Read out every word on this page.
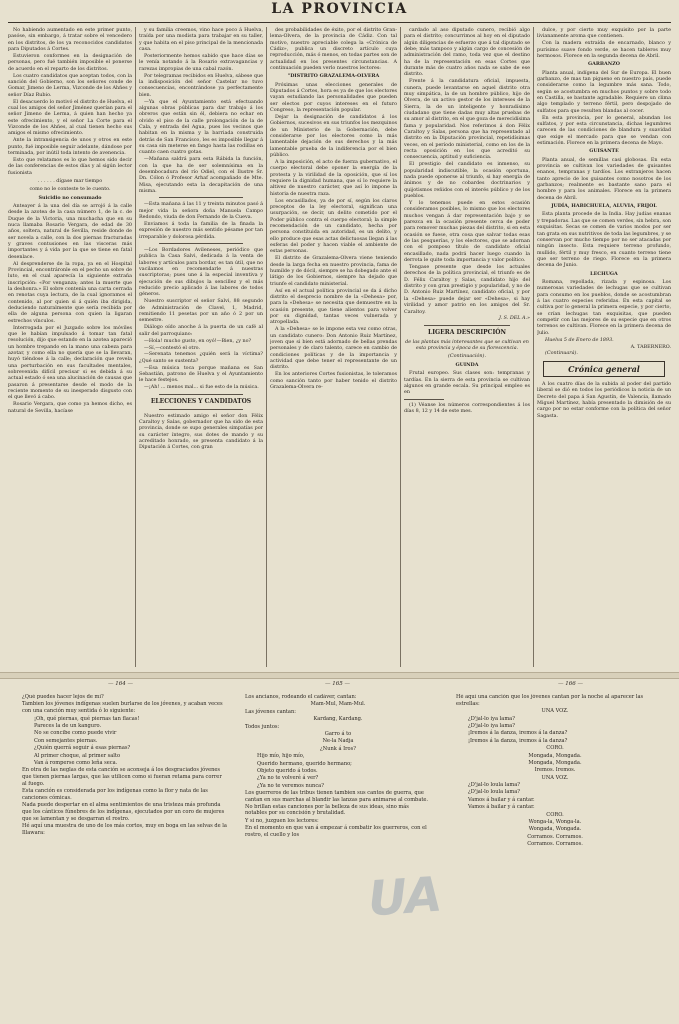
LA PROVINCIA

No habiendo aumentado en este primer punto, pasóse, sin embargo, á tratar sobre el vencedero en los distritos, de los ya reconocidos candidatos para Diputados á Cortes.

Estuvieron conformes en la designación de personas, pero fué también imposible el ponerse de acuerdo en el reparto de los distritos.

Los cuatro candidatos que aceptan todos, con la sanción del Gobierno, son los señores conde de Gomar, Jimeno de Lerma, Vizconde de los Ahñes y señor Díaz Rubio.

El desacuerdo lo motivó el distrito de Huelva, el cual los amigos del señor Jiménez querían para el señor Jimeno de Lerma, á quien han hecho ya este ofrecimiento, y el señor La Corte para el Vizconde de los Ahñes, al cual tienen hecho sus amigos el mismo ofrecimiento.

Ante la intransigencia de unos y otros en este punto, fué imposible seguir adelante, dándose por terminada, por inútil toda intento de avenencia.

Esto que relatamos es lo que hemos sido decir de las conferencias de estos días y al sigún lector fusionista

. . . . . . dígase mar tiempo

como no le conteste te le cuento.

Suicidio no consumado

Anteayer á la una del día se arrojó á la calle desde la azotea de la casa número 1, de la c. de Duque de la Victoria, una muchacha que en su nuca llamaba Rosario Vergara, de edad de 30 años, soltera, natural de Sevilla, reside donde de ser novela a calle, con la dos piernas fracturadas y graves contusiones en las visceras más importantes y á vida por la que se tiene en fatal desenlace.

Al desprenderse de la ropa, ya en el Hospital Provincial, encontráronle en el pecho un sobre de luto, en el cual aparecía la siguiente extraña inscripción: «Por venganza; antes la muerte que la deshonra.» El sobre contenía una carta cerrada en renotas cuya lectura, de la cual ignoramos el contenido, al por quien si á quién iba dirigida, deduciendo naturalmente que sería recibida por ella de alguna persona con quien la ligaran estrechos vínculos.

Interrogada por el Juzgado sobre los móviles que le habían impulsado á tomar tan fatal resolución, dijo que estando en la azotea apareció un hombre trepando en la mano una cabeza para azotar, y como ella no quería que se la llevaran, huyó tiéndose á la calle; declaración que revela una perturbación en sus facultades mentales, sobrevenida difícil precisar si es debida á su actual estado ó sea una alucinación de causas que pasaron á presentarse desde el modo de la reciente momento de su inesperado disgusto con el que llevó á cabo.

Rosario Vergara, que como ya hemos dicho, es natural de Sevilla, hacíase

y su familia creemos, vino hace poco á Huelva, traída por una modista para trabajar en su taller, y que habita en el piso principal de la mencionada casa.

Posteriormente hemos sabido que hace días se le venía notando á la Rosario extravagancias y rarezas impropias de una cabal razón.

Por telegramas recibidos en Huelva, sábese que la indisposición del señor Castelar no tuvo consecuencias, encontrándose ya perfectamente bien.

—Ya que el Ayuntamiento está efectuando algunas obras públicas para dar trabajo á los obreros que están sin él, debiera no echar en olvido el piso de la calle prolongación de la de Cala, y entrada del Agua, pues los vecinos que habitan en la misma y la barriada construida detrás de San Francisco, les es imposible llegar á su casa sin meterse en fango hasta las rodillas en cuanto caen cuatro gotas.

—Mañana saldrá para esta Rábida la función, con la que ha de ser solemnísima en la desembocadura del río Odiel, con el Ilustre Sr. Dn. Cólon ó Profesor Arhaf acompañado de Mte. Misa, ejecutando esta la decapitación de una misma.

—Esta mañana á las 11 y treinta minutos pasó á mejor vida la señora doña Manuela Campo Redondo, viuda de don Fernando de la Cueva.

Enviamos á toda la familia de la finada la expresión de nuestro más sentido pésame por tan irreparable y dolorosa pérdida.

—Los Bordadores Avileneses, periódico que publica la Casa Salvi, dedicada á la venta de labores y artículos para bordar, es tan útil, que no vacilamos en recomendarle á nuestras suscriptoras; pues une á la especial inventiva y ejecución de sus dibujos la sencillez y el más reducido precio aplicado á las labores de todos géneros.

Nuestro suscriptor el señor Salvi, 88 segundo de Administración de Clavel, 1, Madrid, remitiendo 11 pesetas por un año ó 2 por un semestre.

Diálogo oído anoche á la puerta de un café al salir del parroquiano:

—Hola! mucho gusto, en oyó!—Bien, ¿y no?

—Sí,—contestó el otro.

—Serenata tenemos ¿quién será la víctima? ¿Qué santo se sustenta?

—Esa música toca porque mañana es San Sebastián, patrono de Huelva y el Ayuntamiento le hace festejos.

—¡Ah! ... menos mal... si fue esto de la música.

ELECCIONES Y CANDIDATOS

Nuestro estimado amigo el señor don Félix Caraltoy y Salas, gobernador que ha sido de esta provincia, donde se supo generales simpatías por su carácter íntegro, sus dotes de mando y su acreditado honrado, se presenta candidato á la Diputación á Cortes, con gran

des probabilidades de éxito, por el distrito Gran-lema-Olvera, de la provincia de Cádiz. Con tal motivo, nuestro apreciable colega la «Crónica de Cádiz», publica un discreto artículo cuya reproducción, más ó menos, en todas partes son de actualidad en los presentes circunstancias. A continuación pueden verlo nuestros lectores:

"DISTRITO GRAZALEMA-OLVERA

Próximas unas elecciones generales de Diputados á Cortes, hora es ya de que los electores vayan estudiando las personalidades que pueden ser electos por cuyos intereses en el futuro Congreso, la representación popular.

Dejar la designación de candidatos á los Gobiernos, sucesivos en sus triunfos los mezquinos de un Ministerio de la Gobernación, debe considerarse por los electores como la más lamentable dejación de sus derechos y la más lamentable prueba de la indiferencia por el bien público.

A la imposición, el acto de fuerza gubernativo, el cuerpo electoral debe oponer la energía de la protesta y la virilidad de la oposición, que sí los requiere la dignidad humana, que sí lo requiere la altivez de nuestro carácter, que así lo impone la historia de nuestra raza.

Los encasillados, ya de por sí, según los claros preceptos de la ley electoral, significan una usurpación, se decir, un delito cometido por el Poder público contra el cuerpo electoral; la simple recomendación de un candidato, hecha por persona constituida en autoridad, es un delito, y ello produce que esas actas delictuosas llegan á las esferas del poder y hacen viable el ambiente de estas personas.

El distrito de Grazalema-Olvera viene teniendo desde la larga fecha en nuestro provincia, fama de humilde y de dócil, siempre se ha dobegado ante el látigo de los Gobiernos, siempre ha dejado que triunfe el candidato ministerial.

Así en el actual política provincial se da á dicho distrito el desprecio nombre de la «Dehesa» por, para la «Dehesa» se necesita que demuestre en la ocasión presente, que tiene alientos para volver por su dignidad, tantas veces vulnerada y atropellada.

A la «Dehesa» se le impone esta vez como otras, un candidato cunero: Don Antonio Ruiz Martínez, joven que si bien está adornado de bellas prendas personales y de claro talento, carece en cambio de condiciones políticas y de la importancia y actividad que debe tener el representante de un distrito.

En los anteriores Cortes fusionistas, le toleramos como sanción tanto por haber tenido el distrito Grazalema-Olvera re-

cardado al aso diputado cunero, recibió algo para el distrito; concurrimos al hoy en el diputado algún diligencias de esfuerzo que á tal diputado se debe; más tampoco y algún cargo de concesión de administración del ramo, toda vez que el destino ha de la representación en esas Cortes que durante más de cuatro años nada se sabe de ese distrito.

Frente á la candidatura oficial, impuesta, cunera, puede levantarse en aquel distrito otra muy simpática, la de un hombre público, hijo de Olvera, de un activo gestor de los intereses de la Sierra, la de un inteligente y honradísimo ciudadano que tiene dadas muy altas pruebas de su amor al distrito, en el que goza de merecidísima fama y popularidad. Nos referimos á don Félix Caraltoy y Salas, persona que ha representado al distrito en la Diputación provincial, repetidísimas veces, en el período ministerial, como en los de la recta oposición en los que acreditó su consecuencia, aptitud y suficiencia.

El prestigio del candidato es inmenso, su popularidad indiscutible, la ocasión oportuna, nada puede oponerse al triunfo, si hay energía de ánimos y de no cobardes doctrinarios y quijotismos reñidos con el interés público y de los pueblos.

Y lo tenemos puede en estos ocasión consideramos posibles, lo mismo que los electores muchos vengan á dar representación bajo y se parezca en la ocasión presente cerca de poder para remover muchas piezas del distrito, si en esta ocasión se fuese, otra cosa que salvar todas esas de las pesquerías, y los electores, que se adornan con el pomposo título de candidato oficial encasillado, nada podrá hacer luego cuando la derrota le quite toda importancia y valor político.

Tengase presente que desde los actuales derechos de la política provincial, el triunfo es de D. Félix Caraltoy y Salas, candidato hijo del distrito y con gran prestigio y popularidad, y no de D. Antonio Ruiz Martínez, candidato oficial, y por la «Dehesa» puede dejar ser «Dehesa», si hay virilidad y amor patrio en los amigos del Sr. Caraltoy.

J. S. DEL A.»

LIGERA DESCRIPCIÓN

de las plantas más interesantes que se cultivan en esta provincia y época de su florescencia.

(Continuación).

GUINDA

Frutal europeo. Sus clases son: tempranas y tardías. En la sierra de esta provincia se cultivan algunos en grande escala. Su principal empleo es en

(1) Véanse los números correspondientes á los días 8, 12 y 14 de este mes.

dulce, y por cierto muy exquisito por la parte livianamente aroma que contienen.

Con la madera extraída de encarnado, blanco y purísimo suave fondo verde, se hacen tableros muy hermosos. Florece en la segunda decena de Abril.

GARBANZO

Planta anual, indígena del Sur de Europa. El buen garbanzo, de mas tan pigueno en nuestro país, puede considerarse como la legumbre más sana. Todo, según se acostumbra en muchos puntos y sobre todo en Castilla, se bastante agradable. Requiere un clima algo templado y terreno fértil, pero despojado de sulfatos para que resulten blandas al cocer.

En esta provincia, por lo general, abundan los sulfatos, y por esta circunstancia, dichas legumbres carecen de las condiciones de blandura y suavidad que exige el mercado para que se vendan con estimación. Florece en la primera decena de Mayo.

GUISANTE

Planta anual, de semillas casi globosas. En esta provincia se cultivan los variedades de guisantes enanos, tempranas y tardíos. Los extranjeros hacen tanto aprecio de los guisantes como nosotros de los garbanzos; realmente es bastante sano para el hombre y para los animales. Florece en la primera decena de Abril.

JUDÍA, HABICHUELA, ALUVIA, FRIJOL

Esta planta procede de la India. Hay judías enanas y trepadoras. Las que se comen verdes, sin hebra, son exquisitas. Secas se comen de varios modos por ser tan grata en sus nutritivos de toda las legumbres, y se conservan por mucho tiempo por no ser atacadas por ningún insecto. Esta requiere terreno profundo, mullido, fértil y muy fresco, en cuanto terreno tiene que ser terreno de riego. Florece en la primera decena de Junio.

LECHUGA

Romana, repollada, rizada y espinosa. Los numerosas variedades de lechugas que se cultivan para consumo en los pueblos, donde se acostumbran á las cuatro especies referidas. En esta capital se cultiva por lo general la primera especie, y por cierto, se crían lechugas tan exquisitas, que pueden competir con las mejores de su especie que en otros terrenos se cultivan. Florece en la primera decena de Julio.

Huelva 5 de Enero de 1893.

A. TABERNERO.

(Continuará).

Crónica general

A los cuatro días de la subida al poder del partido liberal se dió en todos los periódicos la noticia de un Decreto del papa á San Agustín, de Valencia, llamado Miguel Martínez, había presentado la dimisión de su cargo por no estar conforme con la política del señor Sagasta.

— 164 —	— 165 —	— 166 —

¿Qué puedes hacer lejos de mí?

Tambien los jóvenes indígenas suelen burlarse de los jóvenes, y acaban veces con una canción muy sentida ó lo siguiente:

¡Oh, qué piernas, qué piernas tan flacas!

Pareces la de un kanguro.

No se concibe como puede vivir

Con semejantes piernas.

¿Quién querrá seguir á esas piernas?

Al primer choque, al primer salto

Van á romperse como leña seca.

En otra de las neglas de esta canción se aconseja á los desgraciados jóvenes que tienen piernas largas, que las utilicen como si fueran retama para correr al fuego.

Esta canción es considerada por los indígenas como la flor y nata de las canciones cómicas.

Nada puede despertar en el alma sentimientos de una tristeza más profunda que los cánticos fúnebres de los indígenas, ejecutados por un coro de mujeres que se lamentan y se desgarran el rostro.

Hé aquí una muestra de uno de los más cortos, muy en boga en las selvas de la Illawara:

Los ancianos, rodeando el cadáver, cantan:

Mam-Mul, Mam-Mul.

Las jóvenes cantan:

Kardang, Kardang.

Todos juntos:

Garro á to

Ne-la Nadja

¿Nunk á Iros?

Hijo mío, hijo mío,

Querido hermano, querido hermano;

Objeto querido á todos.

¿Ya no te volveré á ver?

¿Ya no te veremos nunca?

Los guerreros de las tribus tienen tambien sus cantos de guerra, que cantan en sus marchas al blandir las lanzas para animarse al combate. No brillan estas canciones por la belleza de sus ideas, sino más notables por su concisión y brutalidad.

Y si no, juzguen los lectores:

En el momento en que van á empezar á combatir los guerreros, con el rostro, el cuello y los

Hé aquí una canción que los jóvenes cantan por la noche al aparecer las estrellas:

UNA VOZ.

¿D'jal-lo iya lama?

¿D'jal-lo iya lama?

¡Iremos á la danza, iremos á la danza?

¡Iremos á la danza, iremos á la danza?

CORO.

Mongada, Mongada.

Mongada, Mongada.

Iremos. Iremos.

UNA VOZ.

¿D'jal-lo loula lama?

¿D'jal-lo loula lama?

Vamos á bailar y á cantar.

Vamos á bailar y á cantar.

CORO.

Wonga-la, Wonga-la.

Wongada, Wongada.

Corramos. Corramos.

Corramos. Corramos.

UA
